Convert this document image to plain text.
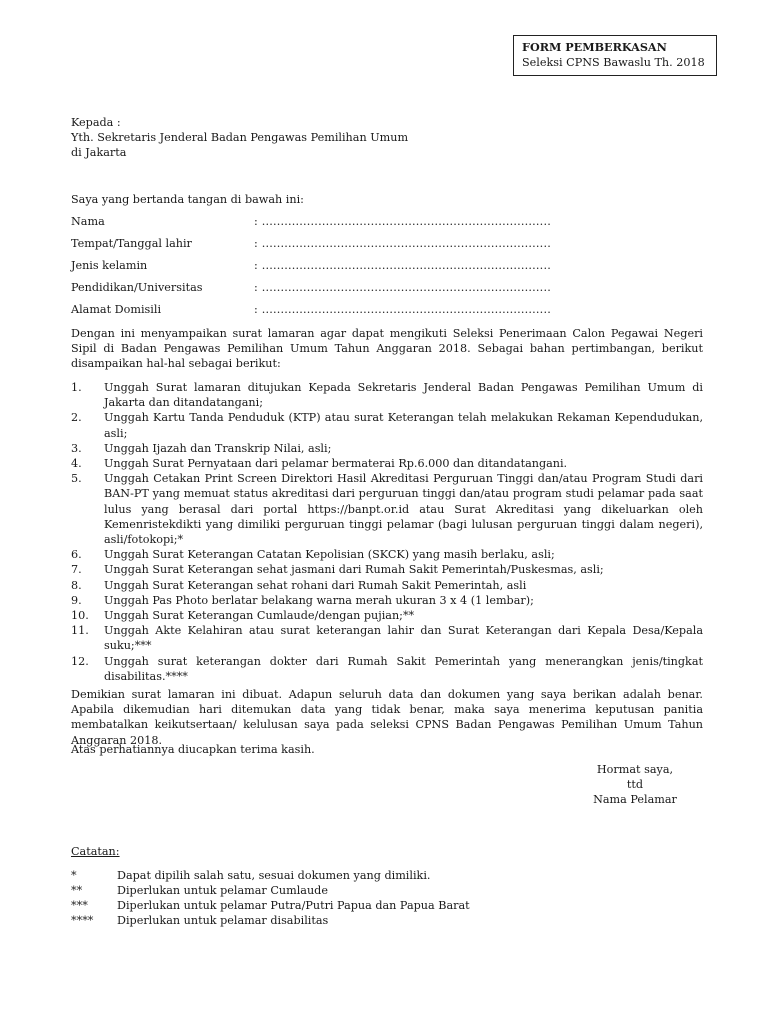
FORM PEMBERKASAN
Seleksi CPNS Bawaslu Th. 2018
Kepada :
Yth. Sekretaris Jenderal Badan Pengawas Pemilihan Umum
di Jakarta
Saya yang bertanda tangan di bawah ini:
Nama	: .............................................................................
Tempat/Tanggal lahir	: .............................................................................
Jenis kelamin	: .............................................................................
Pendidikan/Universitas	: .............................................................................
Alamat Domisili	: .............................................................................
Dengan ini menyampaikan surat lamaran agar dapat mengikuti Seleksi Penerimaan Calon Pegawai Negeri Sipil di Badan Pengawas Pemilihan Umum Tahun Anggaran 2018. Sebagai bahan pertimbangan, berikut disampaikan hal-hal sebagai berikut:
1. Unggah Surat lamaran ditujukan Kepada Sekretaris Jenderal Badan Pengawas Pemilihan Umum di Jakarta dan ditandatangani;
2. Unggah Kartu Tanda Penduduk (KTP) atau surat Keterangan telah melakukan Rekaman Kependudukan, asli;
3. Unggah Ijazah dan Transkrip Nilai, asli;
4. Unggah Surat Pernyataan dari pelamar bermaterai Rp.6.000 dan ditandatangani.
5. Unggah Cetakan Print Screen Direktori Hasil Akreditasi Perguruan Tinggi dan/atau Program Studi dari BAN-PT yang memuat status akreditasi dari perguruan tinggi dan/atau program studi pelamar pada saat lulus yang berasal dari portal https://banpt.or.id atau Surat Akreditasi yang dikeluarkan oleh Kemenristekdikti yang dimiliki perguruan tinggi pelamar (bagi lulusan perguruan tinggi dalam negeri), asli/fotokopi;*
6. Unggah Surat Keterangan Catatan Kepolisian (SKCK) yang masih berlaku, asli;
7. Unggah Surat Keterangan sehat jasmani dari Rumah Sakit Pemerintah/Puskesmas, asli;
8. Unggah Surat Keterangan sehat rohani dari Rumah Sakit Pemerintah, asli
9. Unggah Pas Photo berlatar belakang warna merah ukuran 3 x 4 (1 lembar);
10. Unggah Surat Keterangan Cumlaude/dengan pujian;**
11. Unggah Akte Kelahiran atau surat keterangan lahir dan Surat Keterangan dari Kepala Desa/Kepala suku;***
12. Unggah surat keterangan dokter dari Rumah Sakit Pemerintah yang menerangkan jenis/tingkat disabilitas.****
Demikian surat lamaran ini dibuat. Adapun seluruh data dan dokumen yang saya berikan adalah benar. Apabila dikemudian hari ditemukan data yang tidak benar, maka saya menerima keputusan panitia membatalkan keikutsertaan/ kelulusan saya pada seleksi CPNS Badan Pengawas Pemilihan Umum Tahun Anggaran 2018.
Atas perhatiannya diucapkan terima kasih.
Hormat saya,
ttd
Nama Pelamar
Catatan:
*	Dapat dipilih salah satu, sesuai dokumen yang dimiliki.
**	Diperlukan untuk pelamar Cumlaude
***	Diperlukan untuk pelamar Putra/Putri Papua dan Papua Barat
**** Diperlukan untuk pelamar disabilitas
